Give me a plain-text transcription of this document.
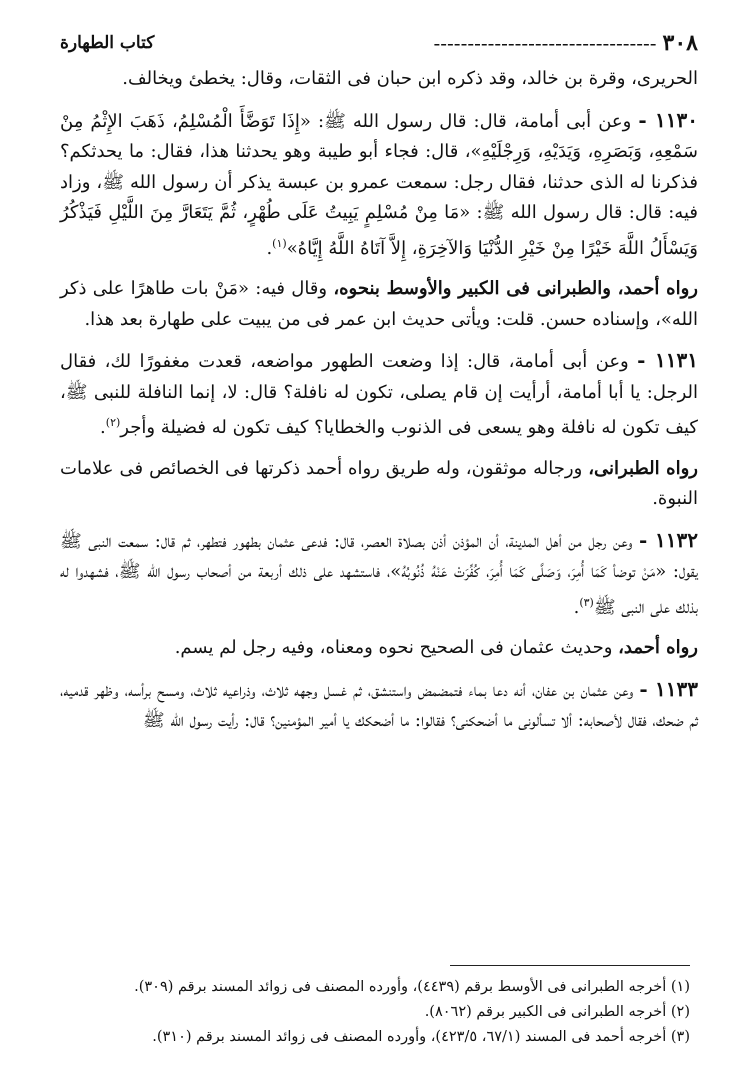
٣٠٨
---------------------------------
كتاب الطهارة

الحريرى، وقرة بن خالد، وقد ذكره ابن حبان فى الثقات، وقال: يخطئ ويخالف.

١١٣٠ - وعن أبى أمامة، قال: قال رسول الله ﷺ: «إِذَا تَوَضَّأَ الْمُسْلِمُ، ذَهَبَ الإِثْمُ مِنْ سَمْعِهِ، وَبَصَرِهِ، وَيَدَيْهِ، وَرِجْلَيْهِ»، قال: فجاء أبو طيبة وهو يحدثنا هذا، فقال: ما يحدثكم؟ فذكرنا له الذى حدثنا، فقال رجل: سمعت عمرو بن عبسة يذكر أن رسول الله ﷺ، وزاد فيه: قال: قال رسول الله ﷺ: «مَا مِنْ مُسْلِمٍ يَبِيتُ عَلَى طُهْرٍ، ثُمَّ يَتَعَارَّ مِنَ اللَّيْلِ فَيَذْكُرُ وَيَسْأَلُ اللَّهَ خَيْرًا مِنْ خَيْرِ الدُّنْيَا وَالآخِرَةِ، إِلاَّ آتَاهُ اللَّهُ إِيَّاهُ»$^{(١)}$.

رواه أحمد، والطبرانى فى الكبير والأوسط بنحوه، وقال فيه: «مَنْ بات طاهرًا على ذكر الله»، وإسناده حسن. قلت: ويأتى حديث ابن عمر فى من يبيت على طهارة بعد هذا.

١١٣١ - وعن أبى أمامة، قال: إذا وضعت الطهور مواضعه، قعدت مغفورًا لك، فقال الرجل: يا أبا أمامة، أرأيت إن قام يصلى، تكون له نافلة؟ قال: لا، إنما النافلة للنبى ﷺ، كيف تكون له نافلة وهو يسعى فى الذنوب والخطايا؟ كيف تكون له فضيلة وأجر$^{(٢)}$.

رواه الطبرانى، ورجاله موثقون، وله طريق رواه أحمد ذكرتها فى الخصائص فى علامات النبوة.

١١٣٢ - وعن رجل من أهل المدينة، أن المؤذن أذن بصلاة العصر، قال: فدعى عثمان بطهور فتطهر، ثم قال: سمعت النبى ﷺ يقول: «مَنْ توضأ كَمَا أُمِرَ، وَصَلَّى كَمَا أُمِرَ، كُفِّرَتْ عَنْهُ ذُنُوبُهُ»، فاستشهد على ذلك أربعة من أصحاب رسول الله ﷺ، فشهدوا له بذلك على النبى ﷺ$^{(٣)}$.

رواه أحمد، وحديث عثمان فى الصحيح نحوه ومعناه، وفيه رجل لم يسم.

١١٣٣ - وعن عثمان بن عفان، أنه دعا بماء فتمضمض واستنشق، ثم غسل وجهه ثلاث، وذراعيه ثلاث، ومسح برأسه، وظهر قدميه، ثم ضحك، فقال لأصحابه: ألا تسألونى ما أضحكنى؟ فقالوا: ما أضحكك يا أمير المؤمنين؟ قال: رأيت رسول الله ﷺ

(١) أخرجه الطبرانى فى الأوسط برقم (٤٤٣٩)، وأورده المصنف فى زوائد المسند برقم (٣٠٩).
(٢) أخرجه الطبرانى فى الكبير برقم (٨٠٦٢).
(٣) أخرجه أحمد فى المسند (٦٧/١، ٤٢٣/٥)، وأورده المصنف فى زوائد المسند برقم (٣١٠).
